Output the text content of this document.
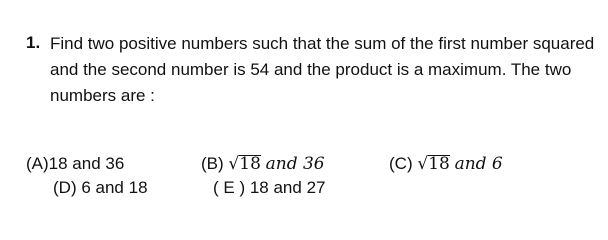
1. Find two positive numbers such that the sum of the first number squared
and the second number is 54 and the product is a maximum. The two
numbers are :
(A)18 and 36	(B) √18 and 36	(C) √18 and 6
(D) 6 and 18	( E ) 18 and 27
